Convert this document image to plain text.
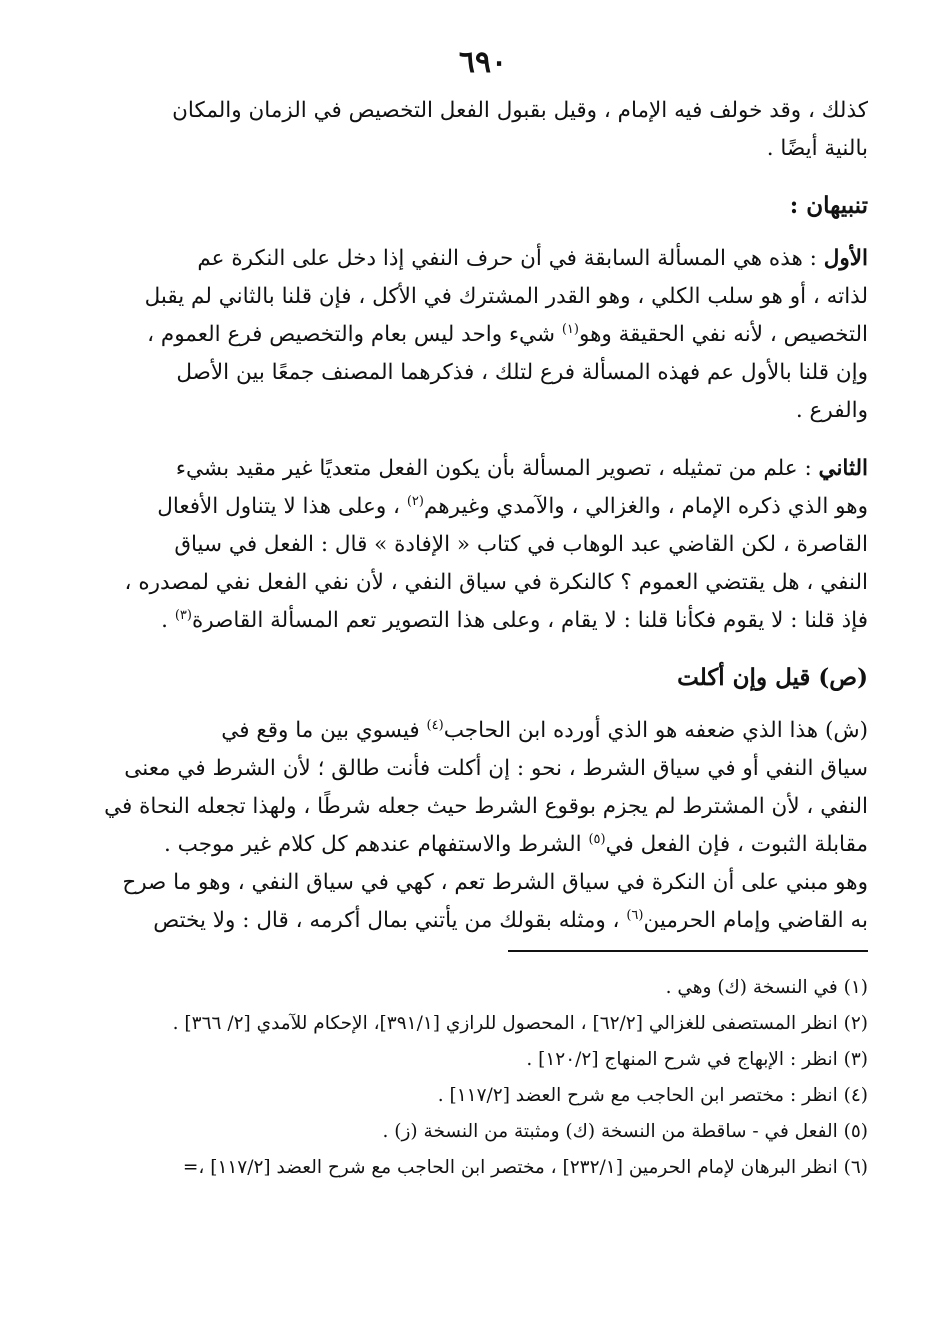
٦٩٠

كذلك ، وقد خولف فيه الإمام ، وقيل بقبول الفعل التخصيص في الزمان والمكان

بالنية أيضًا .

تنبيهان :

الأول : هذه هي المسألة السابقة في أن حرف النفي إذا دخل على النكرة عم

لذاته ، أو هو سلب الكلي ، وهو القدر المشترك في الأكل ، فإن قلنا بالثاني لم يقبل

التخصيص ، لأنه نفي الحقيقة وهو$^{(١)}$ شيء واحد ليس بعام والتخصيص فرع العموم ،

وإن قلنا بالأول عم فهذه المسألة فرع لتلك ، فذكرهما المصنف جمعًا بين الأصل

والفرع .

الثاني : علم من تمثيله ، تصوير المسألة بأن يكون الفعل متعديًا غير مقيد بشيء

وهو الذي ذكره الإمام ، والغزالي ، والآمدي وغيرهم$^{(٢)}$ ، وعلى هذا لا يتناول الأفعال

القاصرة ، لكن القاضي عبد الوهاب في كتاب « الإفادة » قال : الفعل في سياق

النفي ، هل يقتضي العموم ؟ كالنكرة في سياق النفي ، لأن نفي الفعل نفي لمصدره ،

فإذ قلنا : لا يقوم فكأنا قلنا : لا يقام ، وعلى هذا التصوير تعم المسألة القاصرة$^{(٣)}$ .

(ص) قيل وإن أكلت

(ش) هذا الذي ضعفه هو الذي أورده ابن الحاجب$^{(٤)}$ فيسوي بين ما وقع في

سياق النفي أو في سياق الشرط ، نحو : إن أكلت فأنت طالق ؛ لأن الشرط في معنى

النفي ، لأن المشترط لم يجزم بوقوع الشرط حيث جعله شرطًا ، ولهذا تجعله النحاة في

مقابلة الثبوت ، فإن الفعل في$^{(٥)}$ الشرط والاستفهام عندهم كل كلام غير موجب .

وهو مبني على أن النكرة في سياق الشرط تعم ، كهي في سياق النفي ، وهو ما صرح

به القاضي وإمام الحرمين$^{(٦)}$ ، ومثله بقولك من يأتني بمال أكرمه ، قال : ولا يختص

(١) في النسخة (ك) وهي .

(٢) انظر المستصفى للغزالي [٦٢/٢] ، المحصول للرازي [٣٩١/١]، الإحكام للآمدي [٢/ ٣٦٦] .

(٣) انظر : الإبهاج في شرح المنهاج [١٢٠/٢] .

(٤) انظر : مختصر ابن الحاجب مع شرح العضد [١١٧/٢] .

(٥) الفعل في - ساقطة من النسخة (ك) ومثبتة من النسخة (ز) .

(٦) انظر البرهان لإمام الحرمين [٢٣٢/١] ، مختصر ابن الحاجب مع شرح العضد [١١٧/٢] ،=
